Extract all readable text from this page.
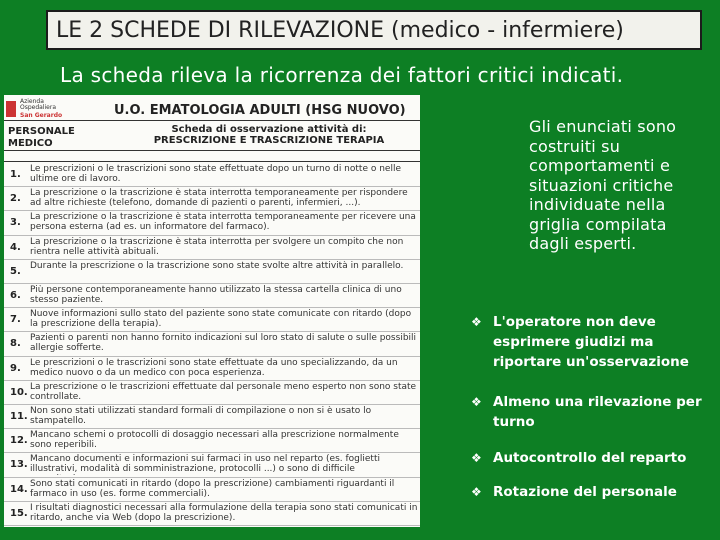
LE 2 SCHEDE DI RILEVAZIONE (medico - infermiere)
La scheda rileva la ricorrenza dei fattori critici indicati.
Azienda Ospedaliera
San Gerardo	U.O. EMATOLOGIA ADULTI (HSG NUOVO)
PERSONALE
MEDICO
Scheda di osservazione attività di:
PRESCRIZIONE E TRASCRIZIONE TERAPIA
1. Le prescrizioni o le trascrizioni sono state effettuate dopo un turno di notte o nelle ultime ore di lavoro.
2. La prescrizione o la trascrizione è stata interrotta temporaneamente per rispondere ad altre richieste (telefono, domande di pazienti o parenti, infermieri, ...).
3. La prescrizione o la trascrizione è stata interrotta temporaneamente per ricevere una persona esterna (ad es. un informatore del farmaco).
4. La prescrizione o la trascrizione è stata interrotta per svolgere un compito che non rientra nelle attività abituali.
5. Durante la prescrizione o la trascrizione sono state svolte altre attività in parallelo.
6. Più persone contemporaneamente hanno utilizzato la stessa cartella clinica di uno stesso paziente.
7. Nuove informazioni sullo stato del paziente sono state comunicate con ritardo (dopo la prescrizione della terapia).
8. Pazienti o parenti non hanno fornito indicazioni sul loro stato di salute o sulle possibili allergie sofferte.
9. Le prescrizioni o le trascrizioni sono state effettuate da uno specializzando, da un medico nuovo o da un medico con poca esperienza.
10. La prescrizione o le trascrizioni effettuate dal personale meno esperto non sono state controllate.
11. Non sono stati utilizzati standard formali di compilazione o non si è usato lo stampatello.
12. Mancano schemi o protocolli di dosaggio necessari alla prescrizione normalmente sono reperibili.
13. Mancano documenti e informazioni sui farmaci in uso nel reparto (es. foglietti illustrativi, modalità di somministrazione, protocolli ...) o sono di difficile
14. Sono stati comunicati in ritardo (dopo la prescrizione) cambiamenti riguardanti il farmaco in uso (es. forme commerciali).
15. I risultati diagnostici necessari alla formulazione della terapia sono stati comunicati in ritardo, anche via Web (dopo la prescrizione).
Gli enunciati sono costruiti su comportamenti e situazioni critiche individuate nella griglia compilata dagli esperti.
❖ L'operatore non deve esprimere giudizi ma riportare un'osservazione
❖ Almeno una rilevazione per turno
❖ Autocontrollo del reparto
❖ Rotazione del personale
